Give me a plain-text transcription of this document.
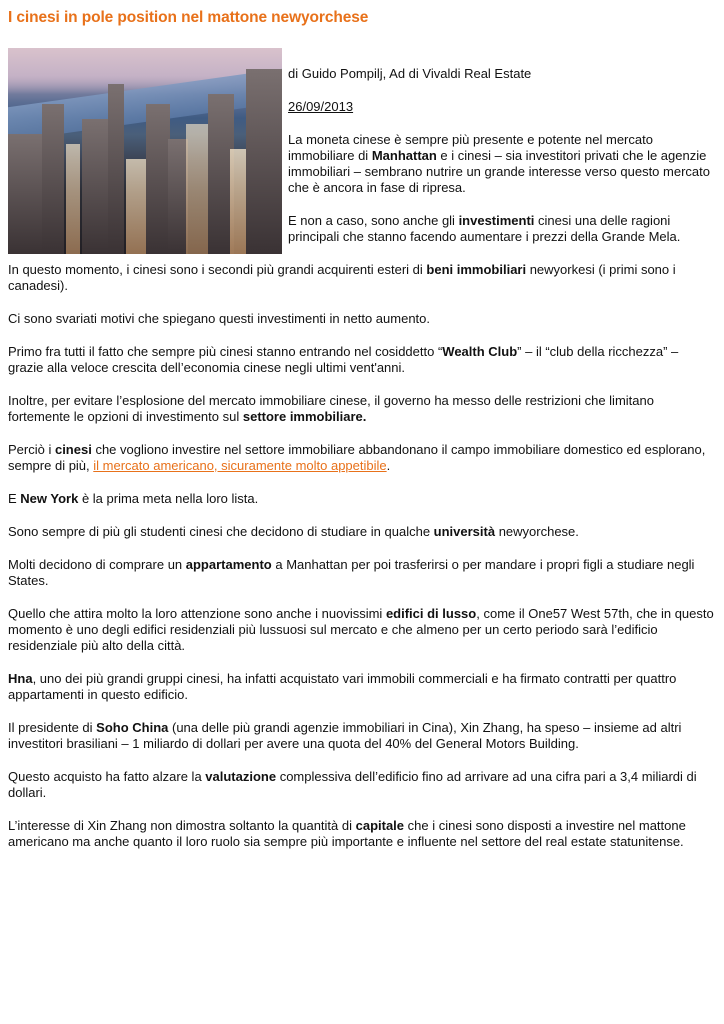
I cinesi in pole position nel mattone newyorchese

di Guido Pompilj, Ad di Vivaldi Real Estate

26/09/2013

La moneta cinese è sempre più presente e potente nel mercato immobiliare di Manhattan e i cinesi – sia investitori privati che le agenzie immobiliari – sembrano nutrire un grande interesse verso questo mercato che è ancora in fase di ripresa.

E non a caso, sono anche gli investimenti cinesi una delle ragioni principali che stanno facendo aumentare i prezzi della Grande Mela.

In questo momento, i cinesi sono i secondi più grandi acquirenti esteri di beni immobiliari newyorkesi (i primi sono i canadesi).

Ci sono svariati motivi che spiegano questi investimenti in netto aumento.

Primo fra tutti il fatto che sempre più cinesi stanno entrando nel cosiddetto “Wealth Club” – il “club della ricchezza” – grazie alla veloce crescita dell’economia cinese negli ultimi vent'anni.

Inoltre, per evitare l’esplosione del mercato immobiliare cinese, il governo ha messo delle restrizioni che limitano fortemente le opzioni di investimento sul settore immobiliare.

Perciò i cinesi che vogliono investire nel settore immobiliare abbandonano il campo immobiliare domestico ed esplorano, sempre di più, il mercato americano, sicuramente molto appetibile.

E New York è la prima meta nella loro lista.

Sono sempre di più gli studenti cinesi che decidono di studiare in qualche università newyorchese.

Molti decidono di comprare un appartamento a Manhattan per poi trasferirsi o per mandare i propri figli a studiare negli States.

Quello che attira molto la loro attenzione sono anche i nuovissimi edifici di lusso, come il One57 West 57th, che in questo momento è uno degli edifici residenziali più lussuosi sul mercato e che almeno per un certo periodo sarà l’edificio residenziale più alto della città.

Hna, uno dei più grandi gruppi cinesi, ha infatti acquistato vari immobili commerciali e ha firmato contratti per quattro appartamenti in questo edificio.

Il presidente di Soho China (una delle più grandi agenzie immobiliari in Cina), Xin Zhang, ha speso – insieme ad altri investitori brasiliani – 1 miliardo di dollari per avere una quota del 40% del General Motors Building.

Questo acquisto ha fatto alzare la valutazione complessiva dell’edificio fino ad arrivare ad una cifra pari a 3,4 miliardi di dollari.

L’interesse di Xin Zhang non dimostra soltanto la quantità di capitale che i cinesi sono disposti a investire nel mattone americano ma anche quanto il loro ruolo sia sempre più importante e influente nel settore del real estate statunitense.
